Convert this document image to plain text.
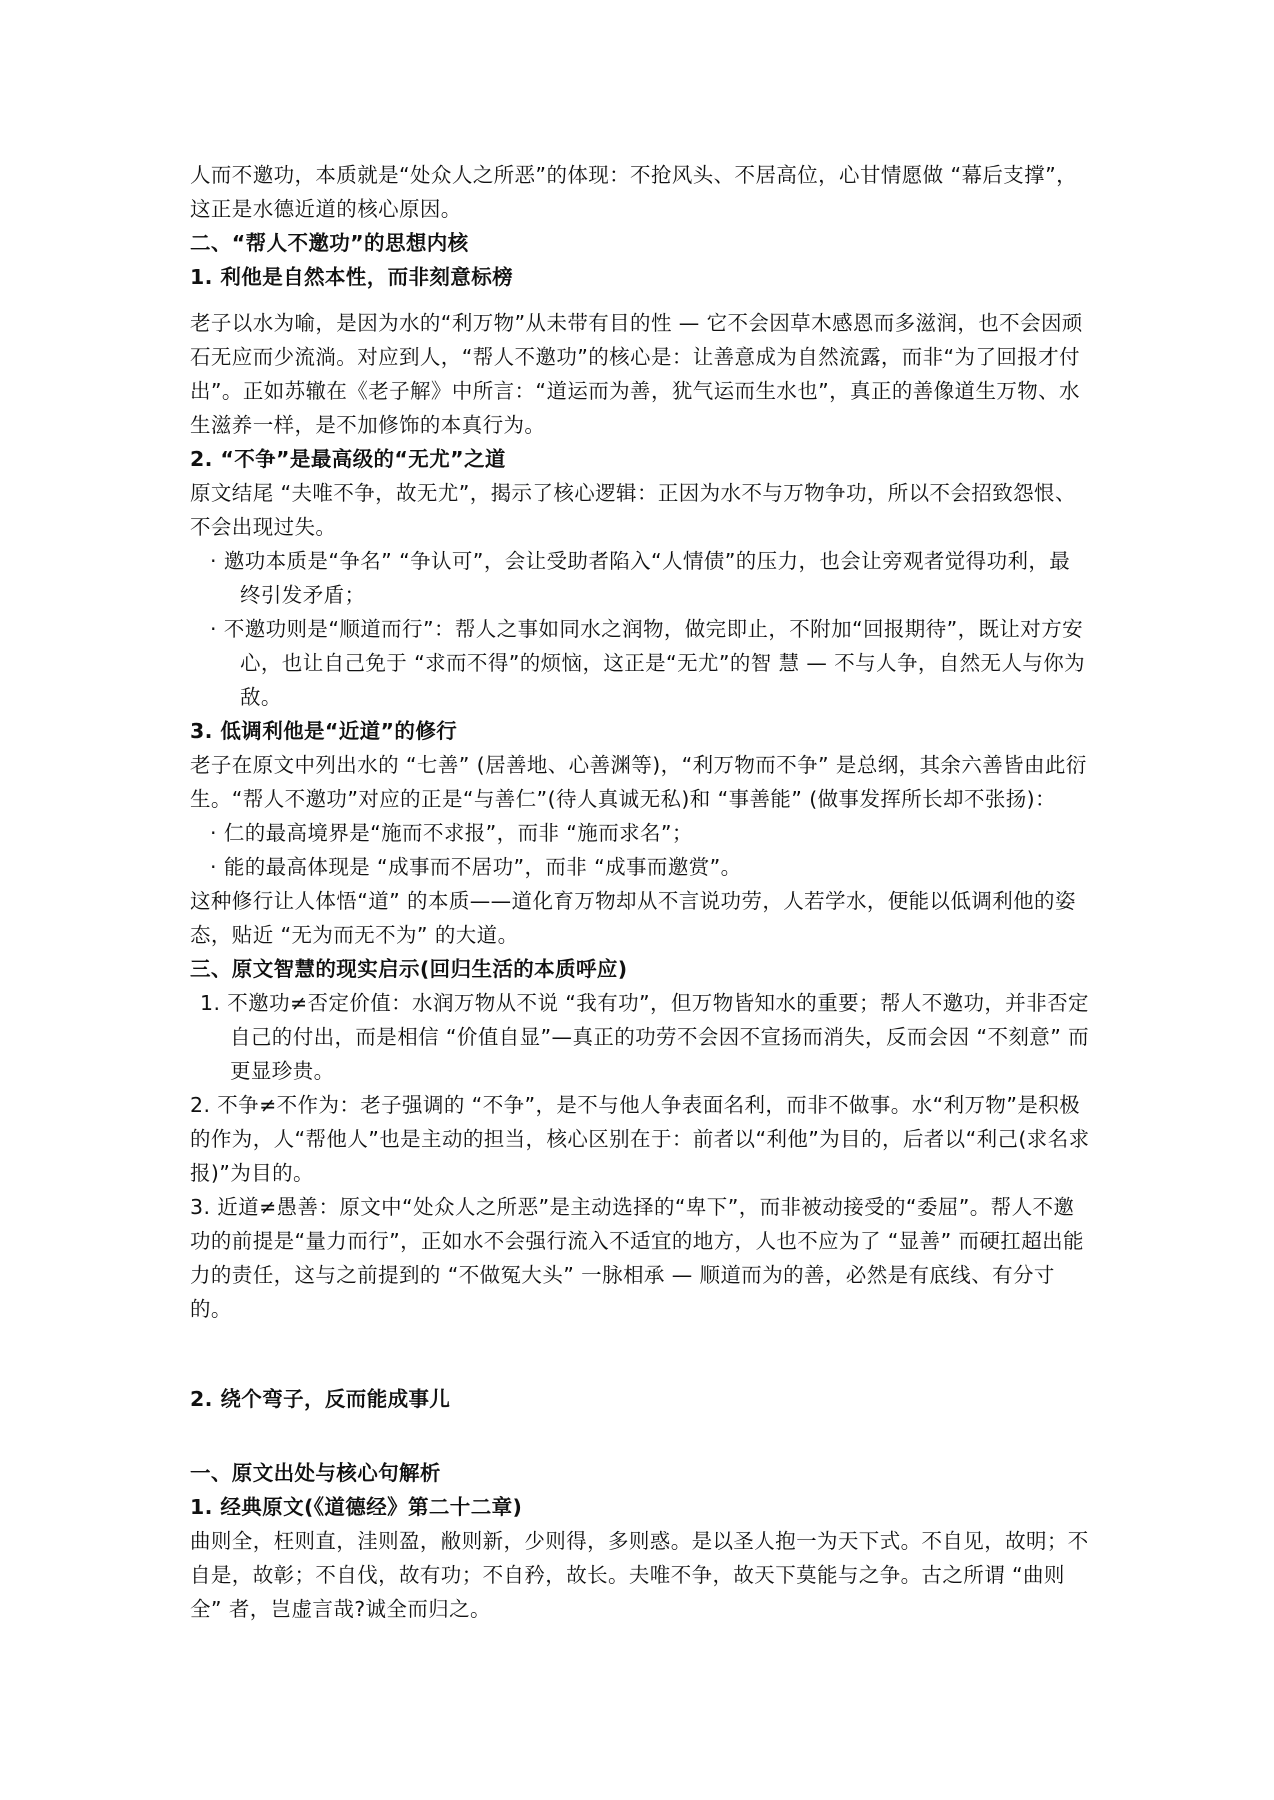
人而不邀功，本质就是“处众人之所恶”的体现：不抢风头、不居高位，心甘情愿做 “幕后支撑”，这正是水德近道的核心原因。

二、“帮人不邀功”的思想内核

1. 利他是自然本性，而非刻意标榜

老子以水为喻，是因为水的“利万物”从未带有目的性 — 它不会因草木感恩而多滋润，也不会因顽石无应而少流淌。对应到人，“帮人不邀功”的核心是：让善意成为自然流露，而非“为了回报才付出”。正如苏辙在《老子解》中所言：“道运而为善，犹气运而生水也”，真正的善像道生万物、水生滋养一样，是不加修饰的本真行为。

2. “不争”是最高级的“无尤”之道

原文结尾 “夫唯不争，故无尤”，揭示了核心逻辑：正因为水不与万物争功，所以不会招致怨恨、不会出现过失。

· 邀功本质是“争名” “争认可”，会让受助者陷入“人情债”的压力，也会让旁观者觉得功利，最终引发矛盾；

· 不邀功则是“顺道而行”：帮人之事如同水之润物，做完即止，不附加“回报期待”，既让对方安心，也让自己免于 “求而不得”的烦恼，这正是“无尤”的智 慧 — 不与人争，自然无人与你为敌。

3. 低调利他是“近道”的修行

老子在原文中列出水的 “七善” (居善地、心善渊等)，“利万物而不争” 是总纲，其余六善皆由此衍生。“帮人不邀功”对应的正是“与善仁”(待人真诚无私)和 “事善能” (做事发挥所长却不张扬)：

· 仁的最高境界是“施而不求报”，而非 “施而求名”；

· 能的最高体现是 “成事而不居功”，而非 “成事而邀赏”。

这种修行让人体悟“道” 的本质——道化育万物却从不言说功劳，人若学水，便能以低调利他的姿态，贴近 “无为而无不为” 的大道。

三、原文智慧的现实启示(回归生活的本质呼应)

1. 不邀功≠否定价值：水润万物从不说 “我有功”，但万物皆知水的重要；帮人不邀功，并非否定自己的付出，而是相信 “价值自显”—真正的功劳不会因不宣扬而消失，反而会因 “不刻意” 而更显珍贵。

2. 不争≠不作为：老子强调的 “不争”，是不与他人争表面名利，而非不做事。水“利万物”是积极的作为，人“帮他人”也是主动的担当，核心区别在于：前者以“利他”为目的，后者以“利己(求名求报)”为目的。

3. 近道≠愚善：原文中“处众人之所恶”是主动选择的“卑下”，而非被动接受的“委屈”。帮人不邀功的前提是“量力而行”，正如水不会强行流入不适宜的地方，人也不应为了 “显善” 而硬扛超出能力的责任，这与之前提到的 “不做冤大头” 一脉相承 — 顺道而为的善，必然是有底线、有分寸的。

2. 绕个弯子，反而能成事儿

一、原文出处与核心句解析

1. 经典原文(《道德经》第二十二章)

曲则全，枉则直，洼则盈，敝则新，少则得，多则惑。是以圣人抱一为天下式。不自见，故明；不自是，故彰；不自伐，故有功；不自矜，故长。夫唯不争，故天下莫能与之争。古之所谓 “曲则全” 者，岂虚言哉?诚全而归之。
